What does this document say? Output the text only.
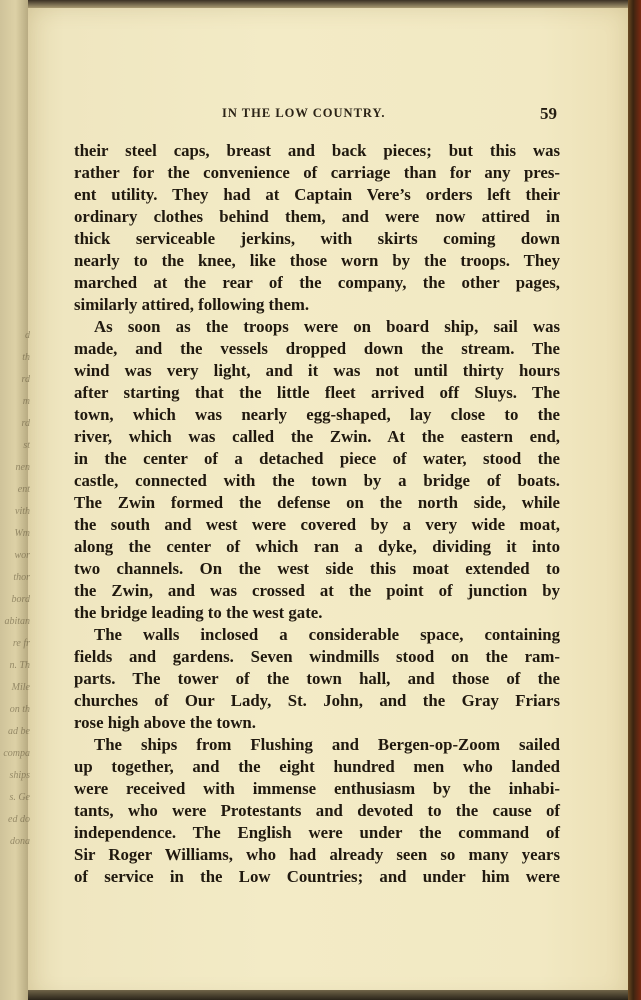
d
th
rd
m
rd
st
nen
ent
vith
Wm
wor
thor
bord
abitan
re fr
n. Th
Mile
on th
ad be
compa
ships
s. Ge
ed do
dona
IN THE LOW COUNTRY.	59
their steel caps, breast and back pieces; but this was
rather for the convenience of carriage than for any pres-
ent utility. They had at Captain Vere’s orders left their
ordinary clothes behind them, and were now attired in
thick serviceable jerkins, with skirts coming down
nearly to the knee, like those worn by the troops. They
marched at the rear of the company, the other pages,
similarly attired, following them.
As soon as the troops were on board ship, sail was
made, and the vessels dropped down the stream. The
wind was very light, and it was not until thirty hours
after starting that the little fleet arrived off Sluys. The
town, which was nearly egg-shaped, lay close to the
river, which was called the Zwin. At the eastern end,
in the center of a detached piece of water, stood the
castle, connected with the town by a bridge of boats.
The Zwin formed the defense on the north side, while
the south and west were covered by a very wide moat,
along the center of which ran a dyke, dividing it into
two channels. On the west side this moat extended to
the Zwin, and was crossed at the point of junction by
the bridge leading to the west gate.
The walls inclosed a considerable space, containing
fields and gardens. Seven windmills stood on the ram-
parts. The tower of the town hall, and those of the
churches of Our Lady, St. John, and the Gray Friars
rose high above the town.
The ships from Flushing and Bergen-op-Zoom sailed
up together, and the eight hundred men who landed
were received with immense enthusiasm by the inhabi-
tants, who were Protestants and devoted to the cause of
independence. The English were under the command of
Sir Roger Williams, who had already seen so many years
of service in the Low Countries; and under him were
